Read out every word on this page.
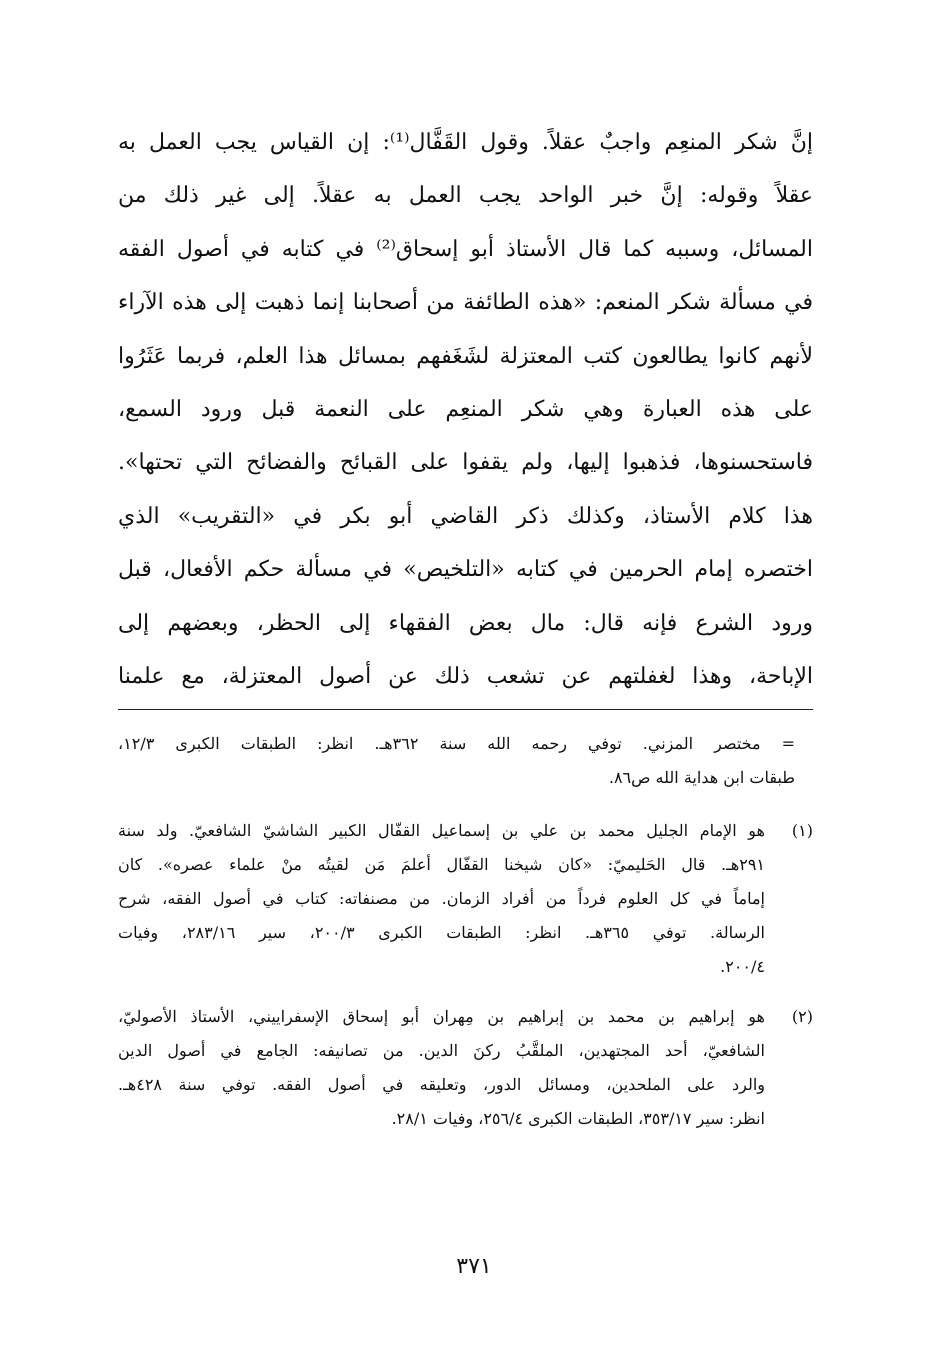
إنَّ شكر المنعِم واجبٌ عقلاً. وقول القَفَّال⁽¹⁾: إن القياس يجب العمل به
عقلاً وقوله: إنَّ خبر الواحد يجب العمل به عقلاً. إلى غير ذلك من
المسائل، وسببه كما قال الأستاذ أبو إسحاق⁽²⁾ في كتابه في أصول الفقه
في مسألة شكر المنعم: «هذه الطائفة من أصحابنا إنما ذهبت إلى هذه الآراء
لأنهم كانوا يطالعون كتب المعتزلة لشَغَفهم بمسائل هذا العلم، فربما عَثَرُوا
على هذه العبارة وهي شكر المنعِم على النعمة قبل ورود السمع،
فاستحسنوها، فذهبوا إليها، ولم يقفوا على القبائح والفضائح التي تحتها».
هذا كلام الأستاذ، وكذلك ذكر القاضي أبو بكر في «التقريب» الذي
اختصره إمام الحرمين في كتابه «التلخيص» في مسألة حكم الأفعال، قبل
ورود الشرع فإنه قال: مال بعض الفقهاء إلى الحظر، وبعضهم إلى
الإباحة، وهذا لغفلتهم عن تشعب ذلك عن أصول المعتزلة، مع علمنا
= مختصر المزني. توفي رحمه الله سنة ٣٦٢هـ. انظر: الطبقات الكبرى ١٢/٣،
طبقات ابن هداية الله ص٨٦.
(١)
هو الإمام الجليل محمد بن علي بن إسماعيل القفّال الكبير الشاشيّ الشافعيّ. ولد سنة
٢٩١هـ. قال الحَليميّ: «كان شيخنا القفّال أعلمَ مَن لقيتُه منْ علماء عصره». كان
إماماً في كل العلوم فرداً من أفراد الزمان. من مصنفاته: كتاب في أصول الفقه، شرح
الرسالة. توفي ٣٦٥هـ. انظر: الطبقات الكبرى ٢٠٠/٣، سير ٢٨٣/١٦، وفيات
٢٠٠/٤.
(٢)
هو إبراهيم بن محمد بن إبراهيم بن مِهران أبو إسحاق الإسفراييني، الأستاذ الأصوليّ،
الشافعيّ، أحد المجتهدين، الملقَّبُ ركنَ الدين. من تصانيفه: الجامع في أصول الدين
والرد على الملحدين، ومسائل الدور، وتعليقه في أصول الفقه. توفي سنة ٤٢٨هـ.
انظر: سير ٣٥٣/١٧، الطبقات الكبرى ٢٥٦/٤، وفيات ٢٨/١.
٣٧١
